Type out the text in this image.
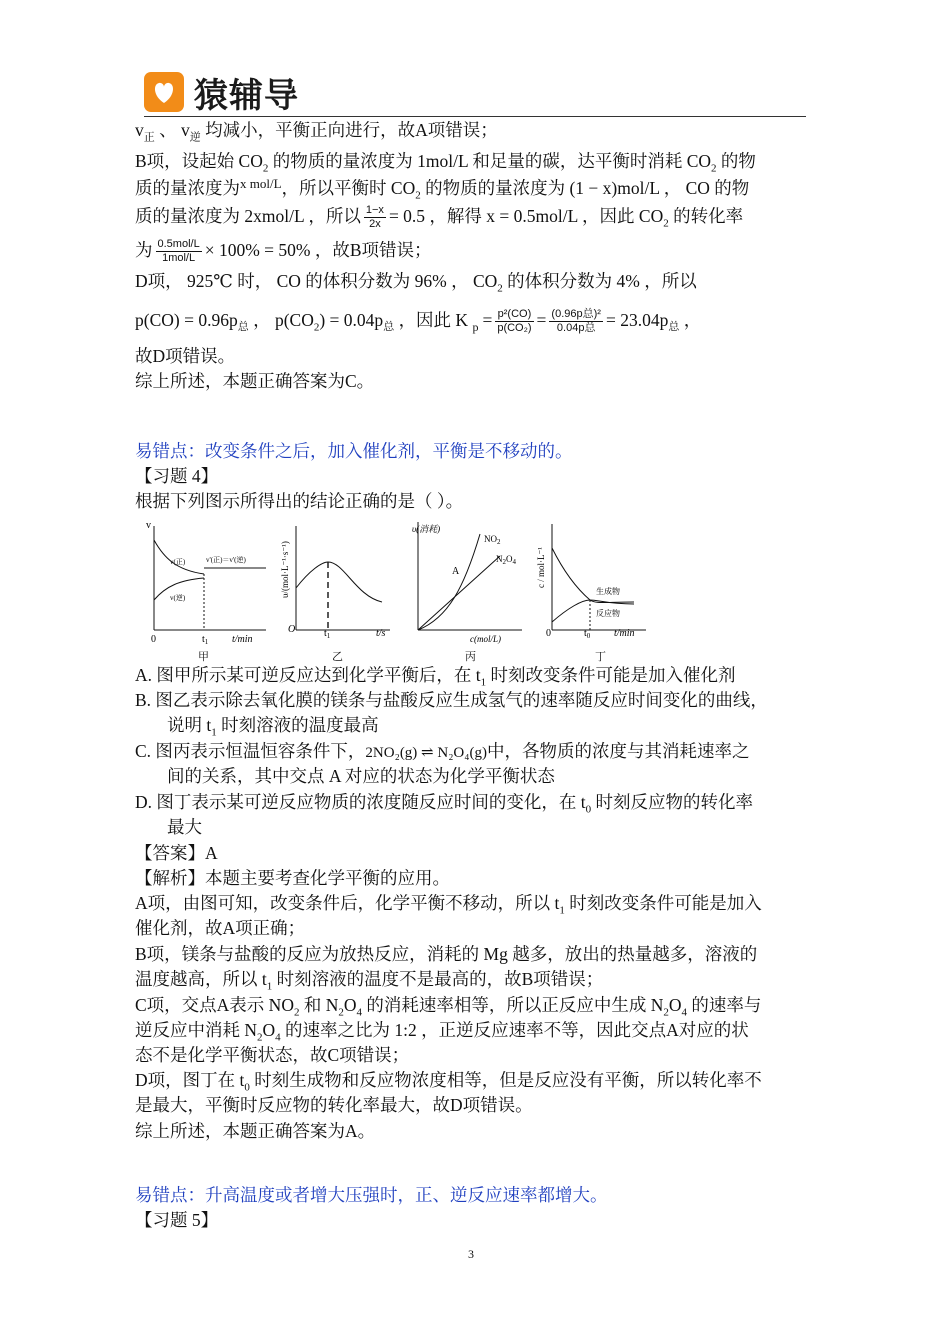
猿辅导
$v_正$ 、 $v_逆$ 均减小，平衡正向进行，故A项错误；
B项，设起始 $CO_2$ 的物质的量浓度为 1mol/L 和足量的碳，达平衡时消耗 $CO_2$ 的物
质的量浓度为$^{x mol/L}$，所以平衡时 $CO_2$ 的物质的量浓度为 (1 − x)mol/L ， CO 的物
质的量浓度为 2xmol/L ，所以 $\frac{1-x}{2x} = 0.5$ ，解得 x = 0.5mol/L ，因此 $CO_2$ 的转化率
为 $\frac{\text{0.5mol/L}}{\text{1mol/L}} \times 100\% = 50\%$ ，故B项错误；
D项， 925℃ 时， CO 的体积分数为 96% ， $CO_2$ 的体积分数为 4% ，所以
$p(CO) = 0.96p_总$ ， $p(CO_2) = 0.04p_总$ ，因此 K $_p = \frac{\text{p²(CO)}}{\text{p(CO₂)}} = \frac{\text{(0.96p总)²}}{\text{0.04p总}} = 23.04p_总$ ，
故D项错误。
综上所述，本题正确答案为C。
易错点：改变条件之后，加入催化剂，平衡是不移动的。
【习题 4】
根据下列图示所得出的结论正确的是（ ）。
v
0	$t_1$ t/min
v(正)
v(逆)
v'(正)＝v'(逆)
甲
υ/(mol·L⁻¹·s⁻¹)
O	$t_1$	t/s
乙
υ(消耗)
c(mol/L)
$NO_2$
$N_2O_4$
A
丙
c / mol·L⁻¹
0	$t_0$ t/min
生成物
反应物
丁
A. 图甲所示某可逆反应达到化学平衡后，在 $t_1$ 时刻改变条件可能是加入催化剂
B. 图乙表示除去氧化膜的镁条与盐酸反应生成氢气的速率随反应时间变化的曲线，
说明 $t_1$ 时刻溶液的温度最高
C. 图丙表示恒温恒容条件下，2NO₂(g) ⇌ N₂O₄(g)中，各物质的浓度与其消耗速率之
间的关系，其中交点 A 对应的状态为化学平衡状态
D. 图丁表示某可逆反应物质的浓度随反应时间的变化，在 $t_0$ 时刻反应物的转化率
最大
【答案】A
【解析】本题主要考查化学平衡的应用。
A项，由图可知，改变条件后，化学平衡不移动，所以 $t_1$ 时刻改变条件可能是加入
催化剂，故A项正确；
B项，镁条与盐酸的反应为放热反应，消耗的 Mg 越多，放出的热量越多，溶液的
温度越高，所以 $t_1$ 时刻溶液的温度不是最高的，故B项错误；
C项，交点A表示 $NO_2$ 和 $N_2O_4$ 的消耗速率相等，所以正反应中生成 $N_2O_4$ 的速率与
逆反应中消耗 $N_2O_4$ 的速率之比为 1:2 ，正逆反应速率不等，因此交点A对应的状
态不是化学平衡状态，故C项错误；
D项，图丁在 $t_0$ 时刻生成物和反应物浓度相等，但是反应没有平衡，所以转化率不
是最大，平衡时反应物的转化率最大，故D项错误。
综上所述，本题正确答案为A。
易错点：升高温度或者增大压强时，正、逆反应速率都增大。
【习题 5】
3
